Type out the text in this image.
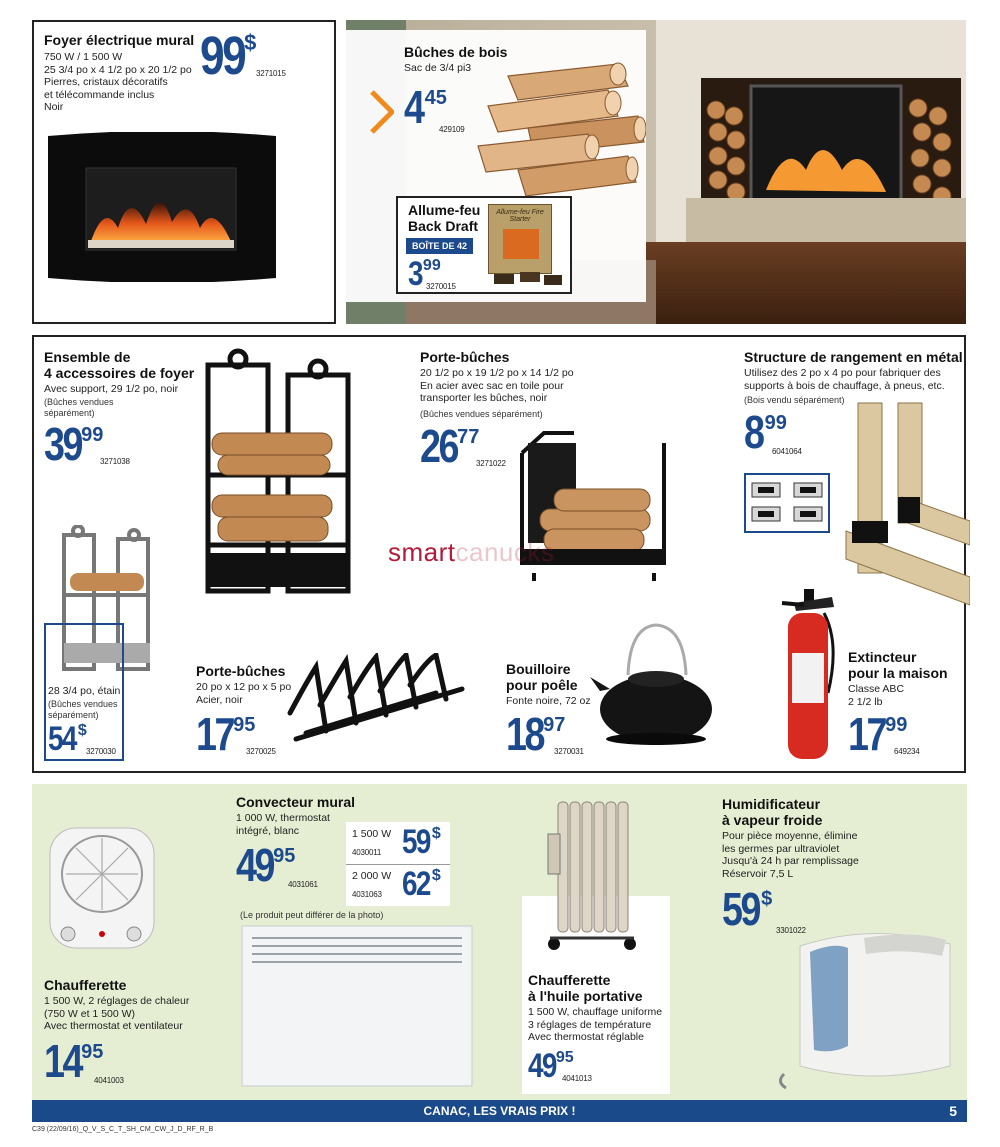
Foyer électrique mural
750 W / 1 500 W
25 3/4 po x 4 1/2 po x 20 1/2 po
Pierres, cristaux décoratifs
et télécommande inclus
Noir
99 $
3271015
Bûches de bois
Sac de 3/4 pi3
4 45
429109
Allume-feu
Back Draft
BOÎTE DE 42
3 99
3270015
Allume-feu Fire Starter
Ensemble de
4 accessoires de foyer
Avec support, 29 1/2 po, noir
(Bûches vendues
séparément)
39 99
3271038
Porte-bûches
20 1/2 po x 19 1/2 po x 14 1/2 po
En acier avec sac en toile pour
transporter les bûches, noir
(Bûches vendues séparément)
26 77
3271022
Structure de rangement en métal
Utilisez des 2 po x 4 po pour fabriquer des
supports à bois de chauffage, à pneus, etc.
(Bois vendu séparément)
8 99
6041064
smartcanucks
28 3/4 po, étain
(Bûches vendues
séparément)
54 $
3270030
Porte-bûches
20 po x 12 po x 5 po
Acier, noir
17 95
3270025
Bouilloire
pour poêle
Fonte noire, 72 oz
18 97
3270031
Extincteur
pour la maison
Classe ABC
2 1/2 lb
17 99
649234
Chaufferette
1 500 W, 2 réglages de chaleur
(750 W et 1 500 W)
Avec thermostat et ventilateur
14 95
4041003
Convecteur mural
1 000 W, thermostat
intégré, blanc
49 95
4031061
1 500 W
4030011 59 $
2 000 W
4031063 62 $
(Le produit peut différer de la photo)
Chaufferette
à l'huile portative
1 500 W, chauffage uniforme
3 réglages de température
Avec thermostat réglable
49 95
4041013
Humidificateur
à vapeur froide
Pour pièce moyenne, élimine
les germes par ultraviolet
Jusqu'à 24 h par remplissage
Réservoir 7,5 L
59 $
3301022
CANAC, LES VRAIS PRIX !	5
C39 (22/09/16)_Q_V_S_C_T_SH_CM_CW_J_D_RF_R_B
